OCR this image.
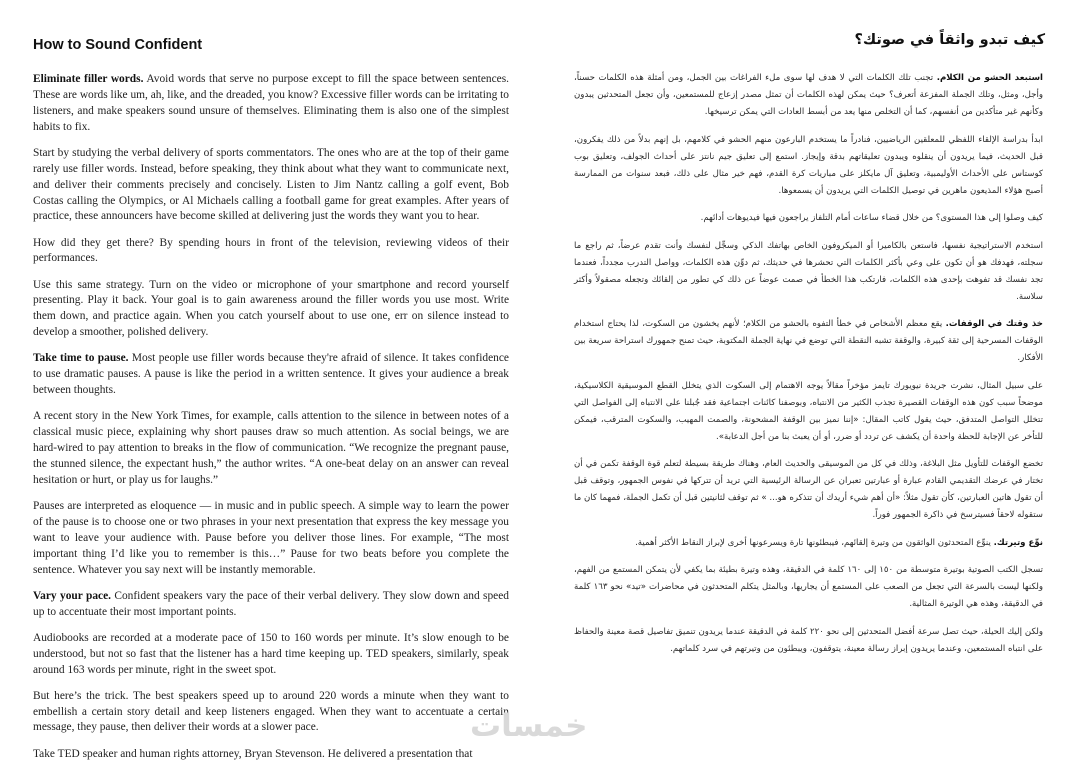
How to Sound Confident

Eliminate filler words. Avoid words that serve no purpose except to fill the space between sentences. These are words like um, ah, like, and the dreaded, you know? Excessive filler words can be irritating to listeners, and make speakers sound unsure of themselves. Eliminating them is also one of the simplest habits to fix.

Start by studying the verbal delivery of sports commentators. The ones who are at the top of their game rarely use filler words. Instead, before speaking, they think about what they want to communicate next, and deliver their comments precisely and concisely. Listen to Jim Nantz calling a golf event, Bob Costas calling the Olympics, or Al Michaels calling a football game for great examples. After years of practice, these announcers have become skilled at delivering just the words they want you to hear.

How did they get there? By spending hours in front of the television, reviewing videos of their performances.

Use this same strategy. Turn on the video or microphone of your smartphone and record yourself presenting. Play it back. Your goal is to gain awareness around the filler words you use most. Write them down, and practice again. When you catch yourself about to use one, err on silence instead to develop a smoother, polished delivery.

Take time to pause. Most people use filler words because they're afraid of silence. It takes confidence to use dramatic pauses. A pause is like the period in a written sentence. It gives your audience a break between thoughts.

A recent story in the New York Times, for example, calls attention to the silence in between notes of a classical music piece, explaining why short pauses draw so much attention. As social beings, we are hard-wired to pay attention to breaks in the flow of communication. “We recognize the pregnant pause, the stunned silence, the expectant hush,” the author writes. “A one-beat delay on an answer can reveal hesitation or hurt, or play us for laughs.”

Pauses are interpreted as eloquence — in music and in public speech. A simple way to learn the power of the pause is to choose one or two phrases in your next presentation that express the key message you want to leave your audience with. Pause before you deliver those lines. For example, “The most important thing I’d like you to remember is this…” Pause for two beats before you complete the sentence. Whatever you say next will be instantly memorable.

Vary your pace. Confident speakers vary the pace of their verbal delivery. They slow down and speed up to accentuate their most important points.

Audiobooks are recorded at a moderate pace of 150 to 160 words per minute. It’s slow enough to be understood, but not so fast that the listener has a hard time keeping up. TED speakers, similarly, speak around 163 words per minute, right in the sweet spot.

But here’s the trick. The best speakers speed up to around 220 words a minute when they want to embellish a certain story detail and keep listeners engaged. When they want to accentuate a certain message, they pause, then deliver their words at a slower pace.

Take TED speaker and human rights attorney, Bryan Stevenson. He delivered a presentation that

كيف تبدو واثقاً في صوتك؟

استبعد الحشو من الكلام. تجنب تلك الكلمات التي لا هدف لها سوى ملء الفراغات بين الجمل، ومن أمثلة هذه الكلمات حسناً، وأجل، ومثل، وتلك الجملة المفزعة أتعرف؟ حيث يمكن لهذه الكلمات أن تمثل مصدر إزعاج للمستمعين، وأن تجعل المتحدثين يبدون وكأنهم غير متأكدين من أنفسهم، كما أن التخلص منها يعد من أبسط العادات التي يمكن ترسيخها.

ابدأ بدراسة الإلقاء اللفظي للمعلقين الرياضيين، فنادراً ما يستخدم البارعون منهم الحشو في كلامهم، بل إنهم بدلاً من ذلك يفكرون، قبل الحديث، فيما يريدون أن ينقلوه ويبدون تعليقاتهم بدقة وإيجاز. استمع إلى تعليق جيم نانتز على أحداث الجولف، وتعليق بوب كوستاس على الأحداث الأوليمبية، وتعليق آل مايكلز على مباريات كرة القدم، فهم خير مثال على ذلك، فبعد سنوات من الممارسة أصبح هؤلاء المذيعون ماهرين في توصيل الكلمات التي يريدون أن يسمعوها.

كيف وصلوا إلى هذا المستوى؟ من خلال قضاء ساعات أمام التلفاز يراجعون فيها فيديوهات أدائهم.

استخدم الاستراتيجية نفسها، فاستعن بالكاميرا أو الميكروفون الخاص بهاتفك الذكي وسجِّل لنفسك وأنت تقدم عرضاً، ثم راجع ما سجلته، فهدفك هو أن تكون على وعي بأكثر الكلمات التي تحشرها في حديثك، ثم دوِّن هذه الكلمات، وواصل التدرب مجدداً، فعندما تجد نفسك قد تفوهت بإحدى هذه الكلمات، فارتكب هذا الخطأ في صمت عوضاً عن ذلك كي تطور من إلقائك وتجعله مصقولاً وأكثر سلاسة.

خذ وقتك في الوقفات. يقع معظم الأشخاص في خطأ التفوه بالحشو من الكلام؛ لأنهم يخشون من السكوت، لذا يحتاج استخدام الوقفات المسرحية إلى ثقة كبيرة، والوقفة تشبه النقطة التي توضع في نهاية الجملة المكتوبة، حيث تمنح جمهورك استراحة سريعة بين الأفكار.

على سبيل المثال، نشرت جريدة نيويورك تايمز مؤخراً مقالاً يوجه الاهتمام إلى السكوت الذي يتخلل القطع الموسيقية الكلاسيكية، موضحاً سبب كون هذه الوقفات القصيرة تجذب الكثير من الانتباه، وبوصفنا كائنات اجتماعية فقد جُبلنا على الانتباه إلى الفواصل التي تتخلل التواصل المتدفق، حيث يقول كاتب المقال: «إننا نميز بين الوقفة المشحونة، والصمت المهيب، والسكوت المترقب، فيمكن للتأخر عن الإجابة للحظة واحدة أن يكشف عن تردد أو ضرر، أو أن يعبث بنا من أجل الدعابة».

تخضع الوقفات للتأويل مثل البلاغة، وذلك في كل من الموسيقى والحديث العام، وهناك طريقة بسيطة لتعلم قوة الوقفة تكمن في أن تختار في عرضك التقديمي القادم عبارة أو عبارتين تعبران عن الرسالة الرئيسية التي تريد أن تتركها في نفوس الجمهور، وتوقف قبل أن تقول هاتين العبارتين، كأن تقول مثلاً: «أن أهم شيء أريدك أن تتذكره هو... » ثم توقف لثانيتين قبل أن تكمل الجملة، فمهما كان ما ستقوله لاحقاً فسيترسخ في ذاكرة الجمهور فوراً.

نوِّع وتيرتك. ينوِّع المتحدثون الواثقون من وتيرة إلقائهم، فيبطئونها تارة ويسرعونها أخرى لإبراز النقاط الأكثر أهمية.

تسجل الكتب الصوتية بوتيرة متوسطة من ١٥٠ إلى ١٦٠ كلمة في الدقيقة، وهذه وتيرة بطيئة بما يكفي لأن يتمكن المستمع من الفهم، ولكنها ليست بالسرعة التي تجعل من الصعب على المستمع أن يجاريها، وبالمثل يتكلم المتحدثون في محاضرات «تيد» نحو ١٦٣ كلمة في الدقيقة، وهذه هي الوتيرة المثالية.

ولكن إليك الحيلة، حيث تصل سرعة أفضل المتحدثين إلى نحو ٢٢٠ كلمة في الدقيقة عندما يريدون تنميق تفاصيل قصة معينة والحفاظ على انتباه المستمعين، وعندما يريدون إبراز رسالة معينة، يتوقفون، ويبطئون من وتيرتهم في سرد كلماتهم.

خمسات
